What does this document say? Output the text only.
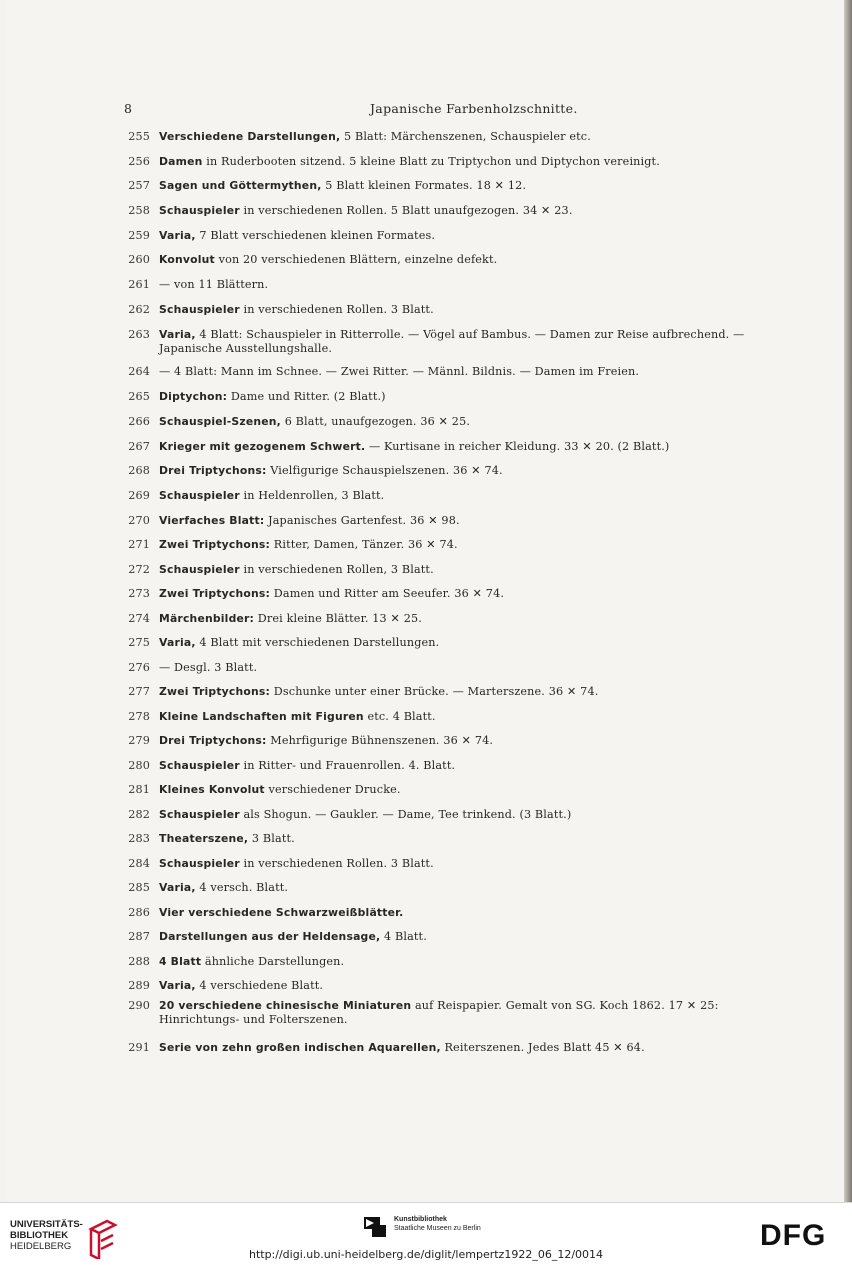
8	Japanische Farbenholzschnitte.
255 Verschiedene Darstellungen, 5 Blatt: Märchenszenen, Schauspieler etc.
256 Damen in Ruderbooten sitzend. 5 kleine Blatt zu Triptychon und Diptychon vereinigt.
257 Sagen und Göttermythen, 5 Blatt kleinen Formates. 18 ✕ 12.
258 Schauspieler in verschiedenen Rollen. 5 Blatt unaufgezogen. 34 ✕ 23.
259 Varia, 7 Blatt verschiedenen kleinen Formates.
260 Konvolut von 20 verschiedenen Blättern, einzelne defekt.
261 — von 11 Blättern.
262 Schauspieler in verschiedenen Rollen. 3 Blatt.
263 Varia, 4 Blatt: Schauspieler in Ritterrolle. — Vögel auf Bambus. — Damen zur Reise aufbrechend. — Japanische Ausstellungshalle.
264 — 4 Blatt: Mann im Schnee. — Zwei Ritter. — Männl. Bildnis. — Damen im Freien.
265 Diptychon: Dame und Ritter. (2 Blatt.)
266 Schauspiel-Szenen, 6 Blatt, unaufgezogen. 36 ✕ 25.
267 Krieger mit gezogenem Schwert. — Kurtisane in reicher Kleidung. 33 ✕ 20. (2 Blatt.)
268 Drei Triptychons: Vielfigurige Schauspielszenen. 36 ✕ 74.
269 Schauspieler in Heldenrollen, 3 Blatt.
270 Vierfaches Blatt: Japanisches Gartenfest. 36 ✕ 98.
271 Zwei Triptychons: Ritter, Damen, Tänzer. 36 ✕ 74.
272 Schauspieler in verschiedenen Rollen, 3 Blatt.
273 Zwei Triptychons: Damen und Ritter am Seeufer. 36 ✕ 74.
274 Märchenbilder: Drei kleine Blätter. 13 ✕ 25.
275 Varia, 4 Blatt mit verschiedenen Darstellungen.
276 — Desgl. 3 Blatt.
277 Zwei Triptychons: Dschunke unter einer Brücke. — Marterszene. 36 ✕ 74.
278 Kleine Landschaften mit Figuren etc. 4 Blatt.
279 Drei Triptychons: Mehrfigurige Bühnenszenen. 36 ✕ 74.
280 Schauspieler in Ritter- und Frauenrollen. 4. Blatt.
281 Kleines Konvolut verschiedener Drucke.
282 Schauspieler als Shogun. — Gaukler. — Dame, Tee trinkend. (3 Blatt.)
283 Theaterszene, 3 Blatt.
284 Schauspieler in verschiedenen Rollen. 3 Blatt.
285 Varia, 4 versch. Blatt.
286 Vier verschiedene Schwarzweißblätter.
287 Darstellungen aus der Heldensage, 4 Blatt.
288 4 Blatt ähnliche Darstellungen.
289 Varia, 4 verschiedene Blatt.
290 20 verschiedene chinesische Miniaturen auf Reispapier. Gemalt von SG. Koch 1862. 17 ✕ 25: Hinrichtungs- und Folterszenen.
291 Serie von zehn großen indischen Aquarellen, Reiterszenen. Jedes Blatt 45 ✕ 64.
UNIVERSITÄTS-
BIBLIOTHEK
HEIDELBERG
Kunstbibliothek
Staatliche Museen zu Berlin	DFG
http://digi.ub.uni-heidelberg.de/diglit/lempertz1922_06_12/0014
